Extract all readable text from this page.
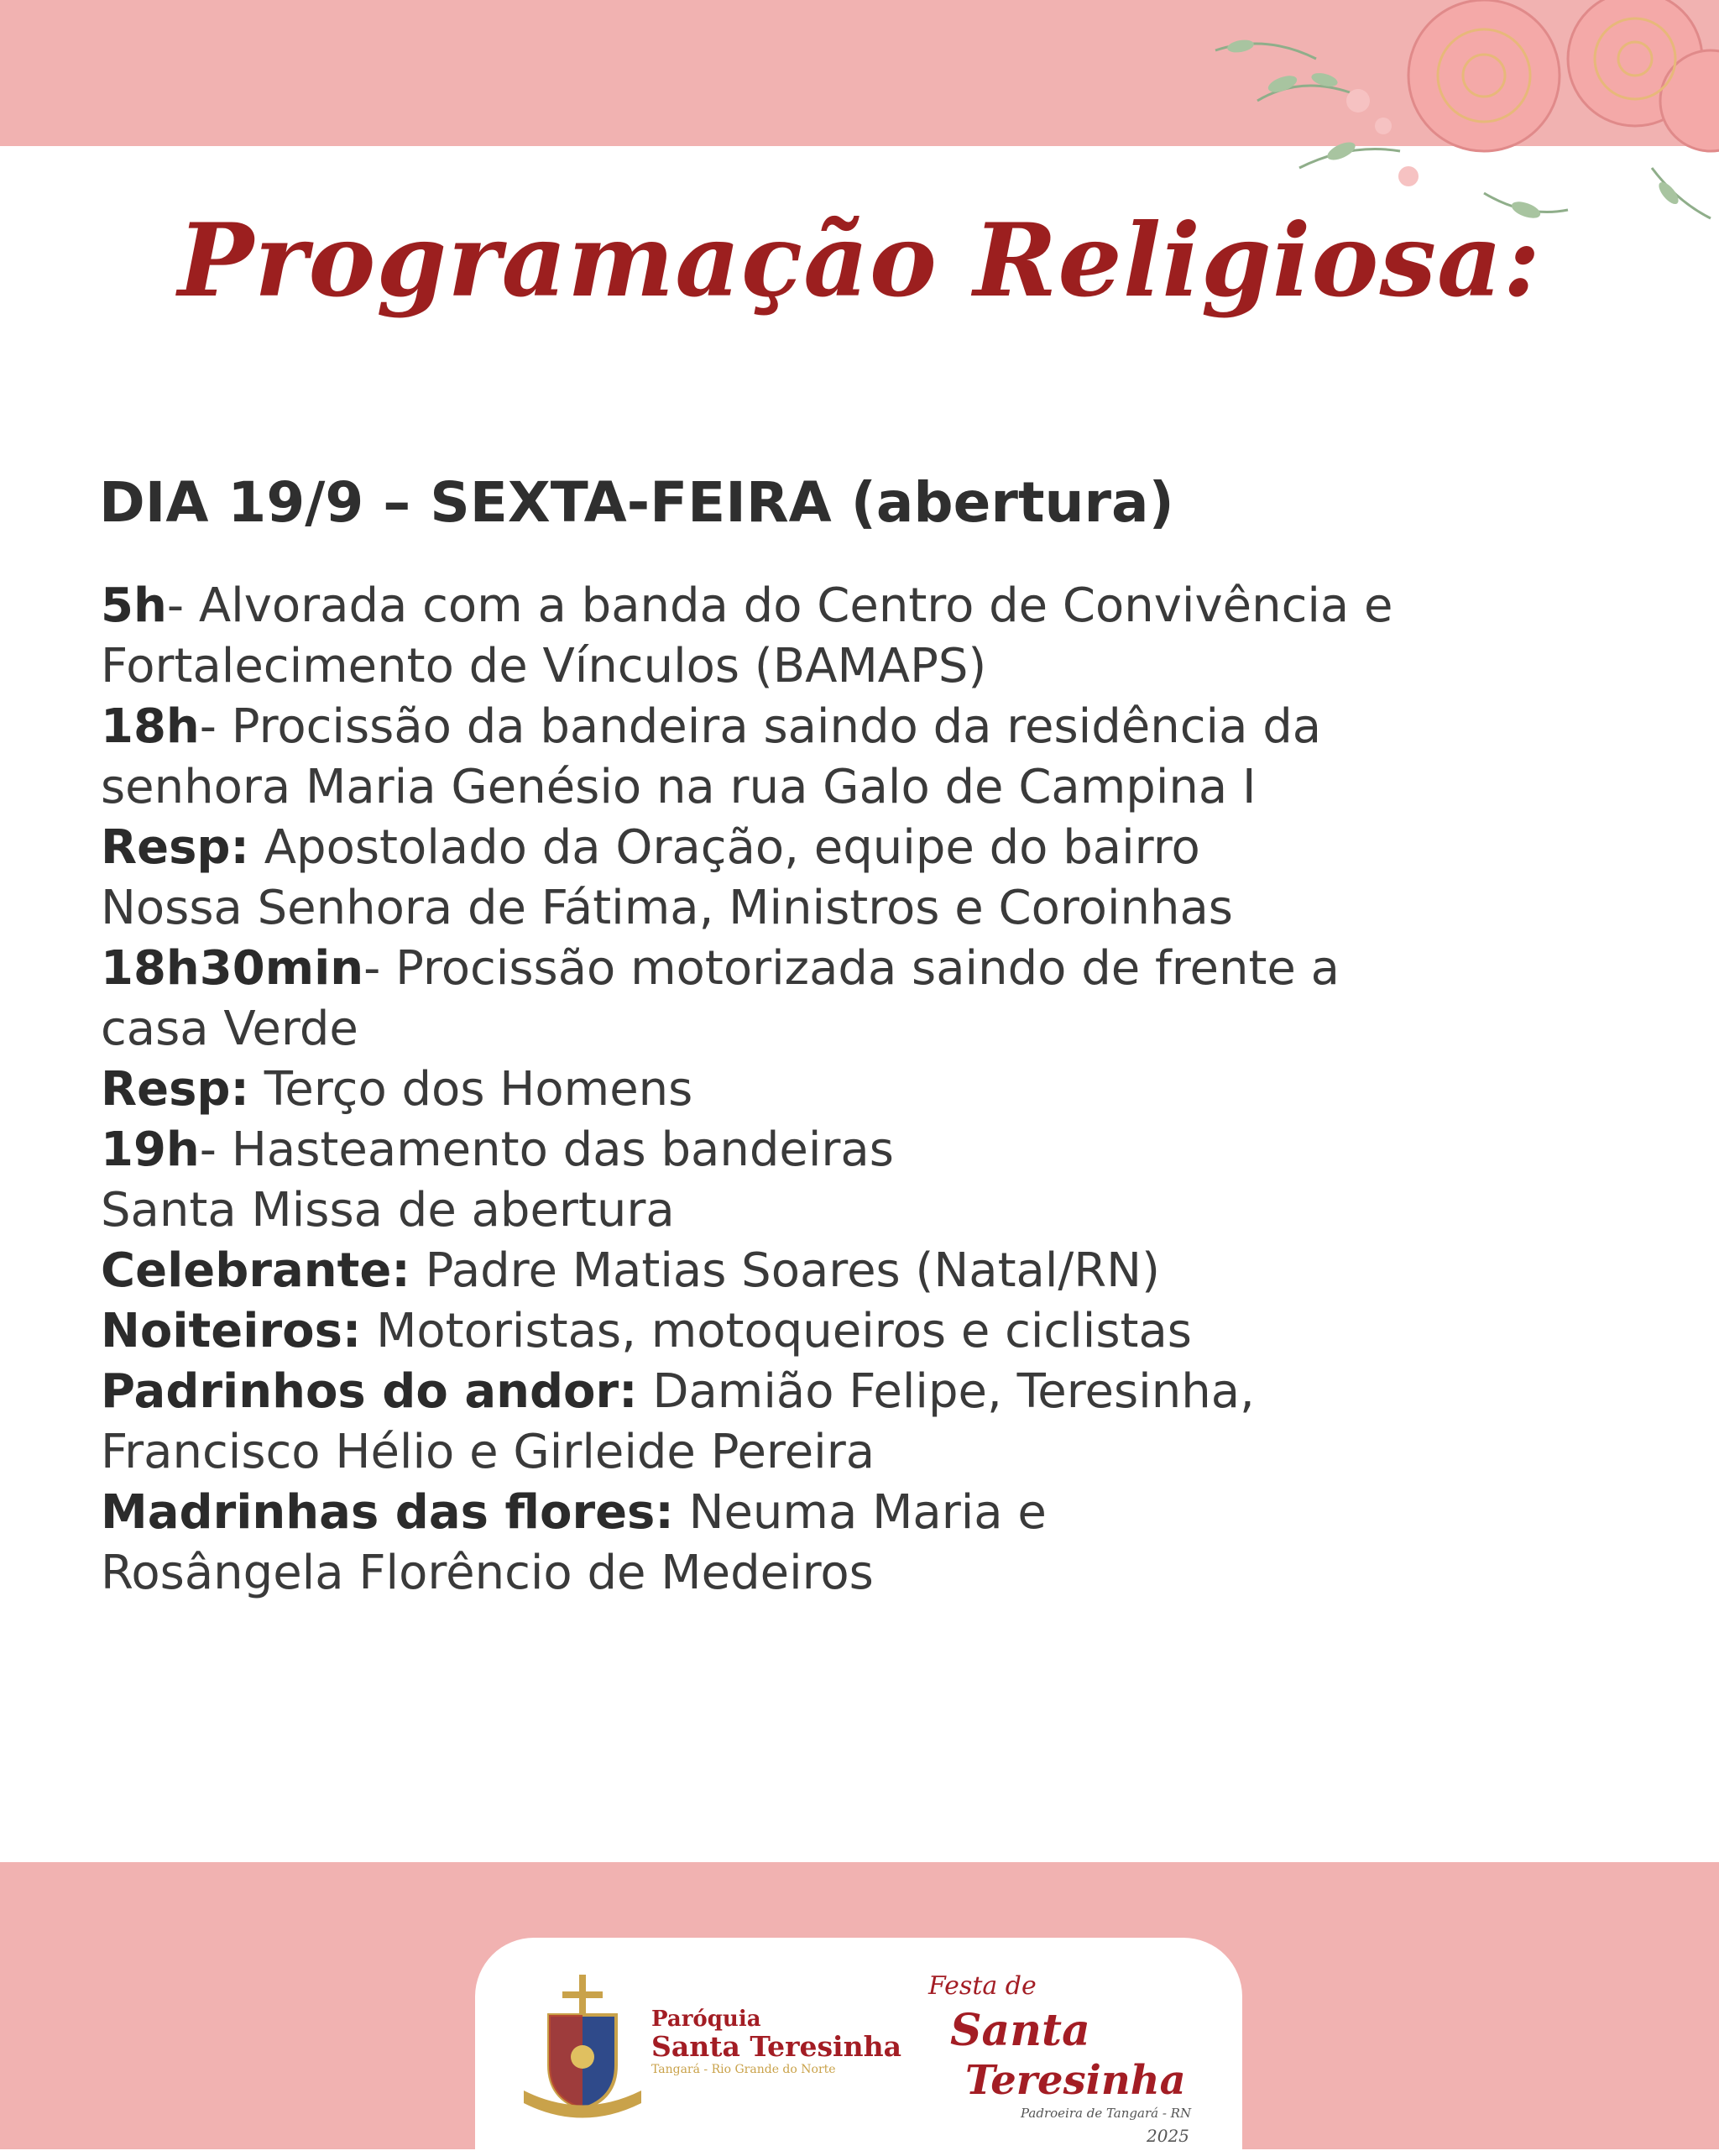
Programação Religiosa:
DIA 19/9 – SEXTA-FEIRA (abertura)
5h- Alvorada com a banda do Centro de Convivência e
Fortalecimento de Vínculos (BAMAPS)
18h- Procissão da bandeira saindo da residência da
senhora Maria Genésio na rua Galo de Campina I
Resp: Apostolado da Oração, equipe do bairro
Nossa Senhora de Fátima, Ministros e Coroinhas
18h30min- Procissão motorizada saindo de frente a
casa Verde
Resp: Terço dos Homens
19h- Hasteamento das bandeiras
Santa Missa de abertura
Celebrante: Padre Matias Soares (Natal/RN)
Noiteiros: Motoristas, motoqueiros e ciclistas
Padrinhos do andor: Damião Felipe, Teresinha,
Francisco Hélio e Girleide Pereira
Madrinhas das flores: Neuma Maria e
Rosângela Florêncio de Medeiros
Paróquia
Santa Teresinha
Tangará - Rio Grande do Norte
Festa de
Santa
Teresinha
Padroeira de Tangará - RN
2025
